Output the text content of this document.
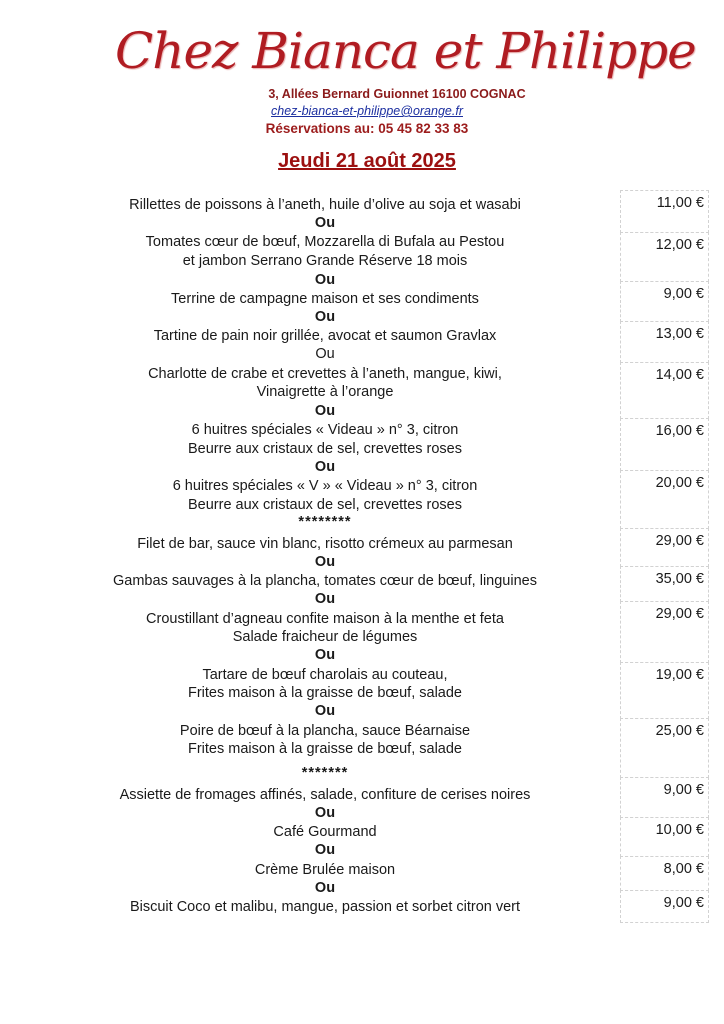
Chez Bianca et Philippe
3, Allées Bernard Guionnet 16100 COGNAC
chez-bianca-et-philippe@orange.fr
Réservations au: 05 45 82 33 83
Jeudi 21 août 2025
Rillettes de poissons à l’aneth, huile d’olive au soja et wasabi
Ou
Tomates cœur de bœuf, Mozzarella di Bufala au Pestou
et jambon Serrano Grande Réserve 18 mois
Ou
Terrine de campagne maison et ses condiments
Ou
Tartine de pain noir grillée, avocat et saumon Gravlax
Ou
Charlotte de crabe et crevettes à l’aneth, mangue, kiwi,
Vinaigrette à l’orange
Ou
6 huitres spéciales « Videau » n° 3, citron
Beurre aux cristaux de sel, crevettes roses
Ou
6 huitres spéciales « V » « Videau » n° 3, citron
Beurre aux cristaux de sel, crevettes roses
********
Filet de bar, sauce vin blanc, risotto crémeux au parmesan
Ou
Gambas sauvages à la plancha, tomates cœur de bœuf, linguines
Ou
Croustillant d’agneau confite maison à la menthe et feta
Salade fraicheur de légumes
Ou
Tartare de bœuf charolais au couteau,
Frites maison à la graisse de bœuf, salade
Ou
Poire de bœuf à la plancha, sauce Béarnaise
Frites maison à la graisse de bœuf, salade
*******
Assiette de fromages affinés, salade, confiture de cerises noires
Ou
Café Gourmand
Ou
Crème Brulée maison
Ou
Biscuit Coco et malibu, mangue, passion et sorbet citron vert
11,00 €
12,00 €
9,00 €
13,00 €
14,00 €
16,00 €
20,00 €
29,00 €
35,00 €
29,00 €
19,00 €
25,00 €
9,00 €
10,00 €
8,00 €
9,00 €
